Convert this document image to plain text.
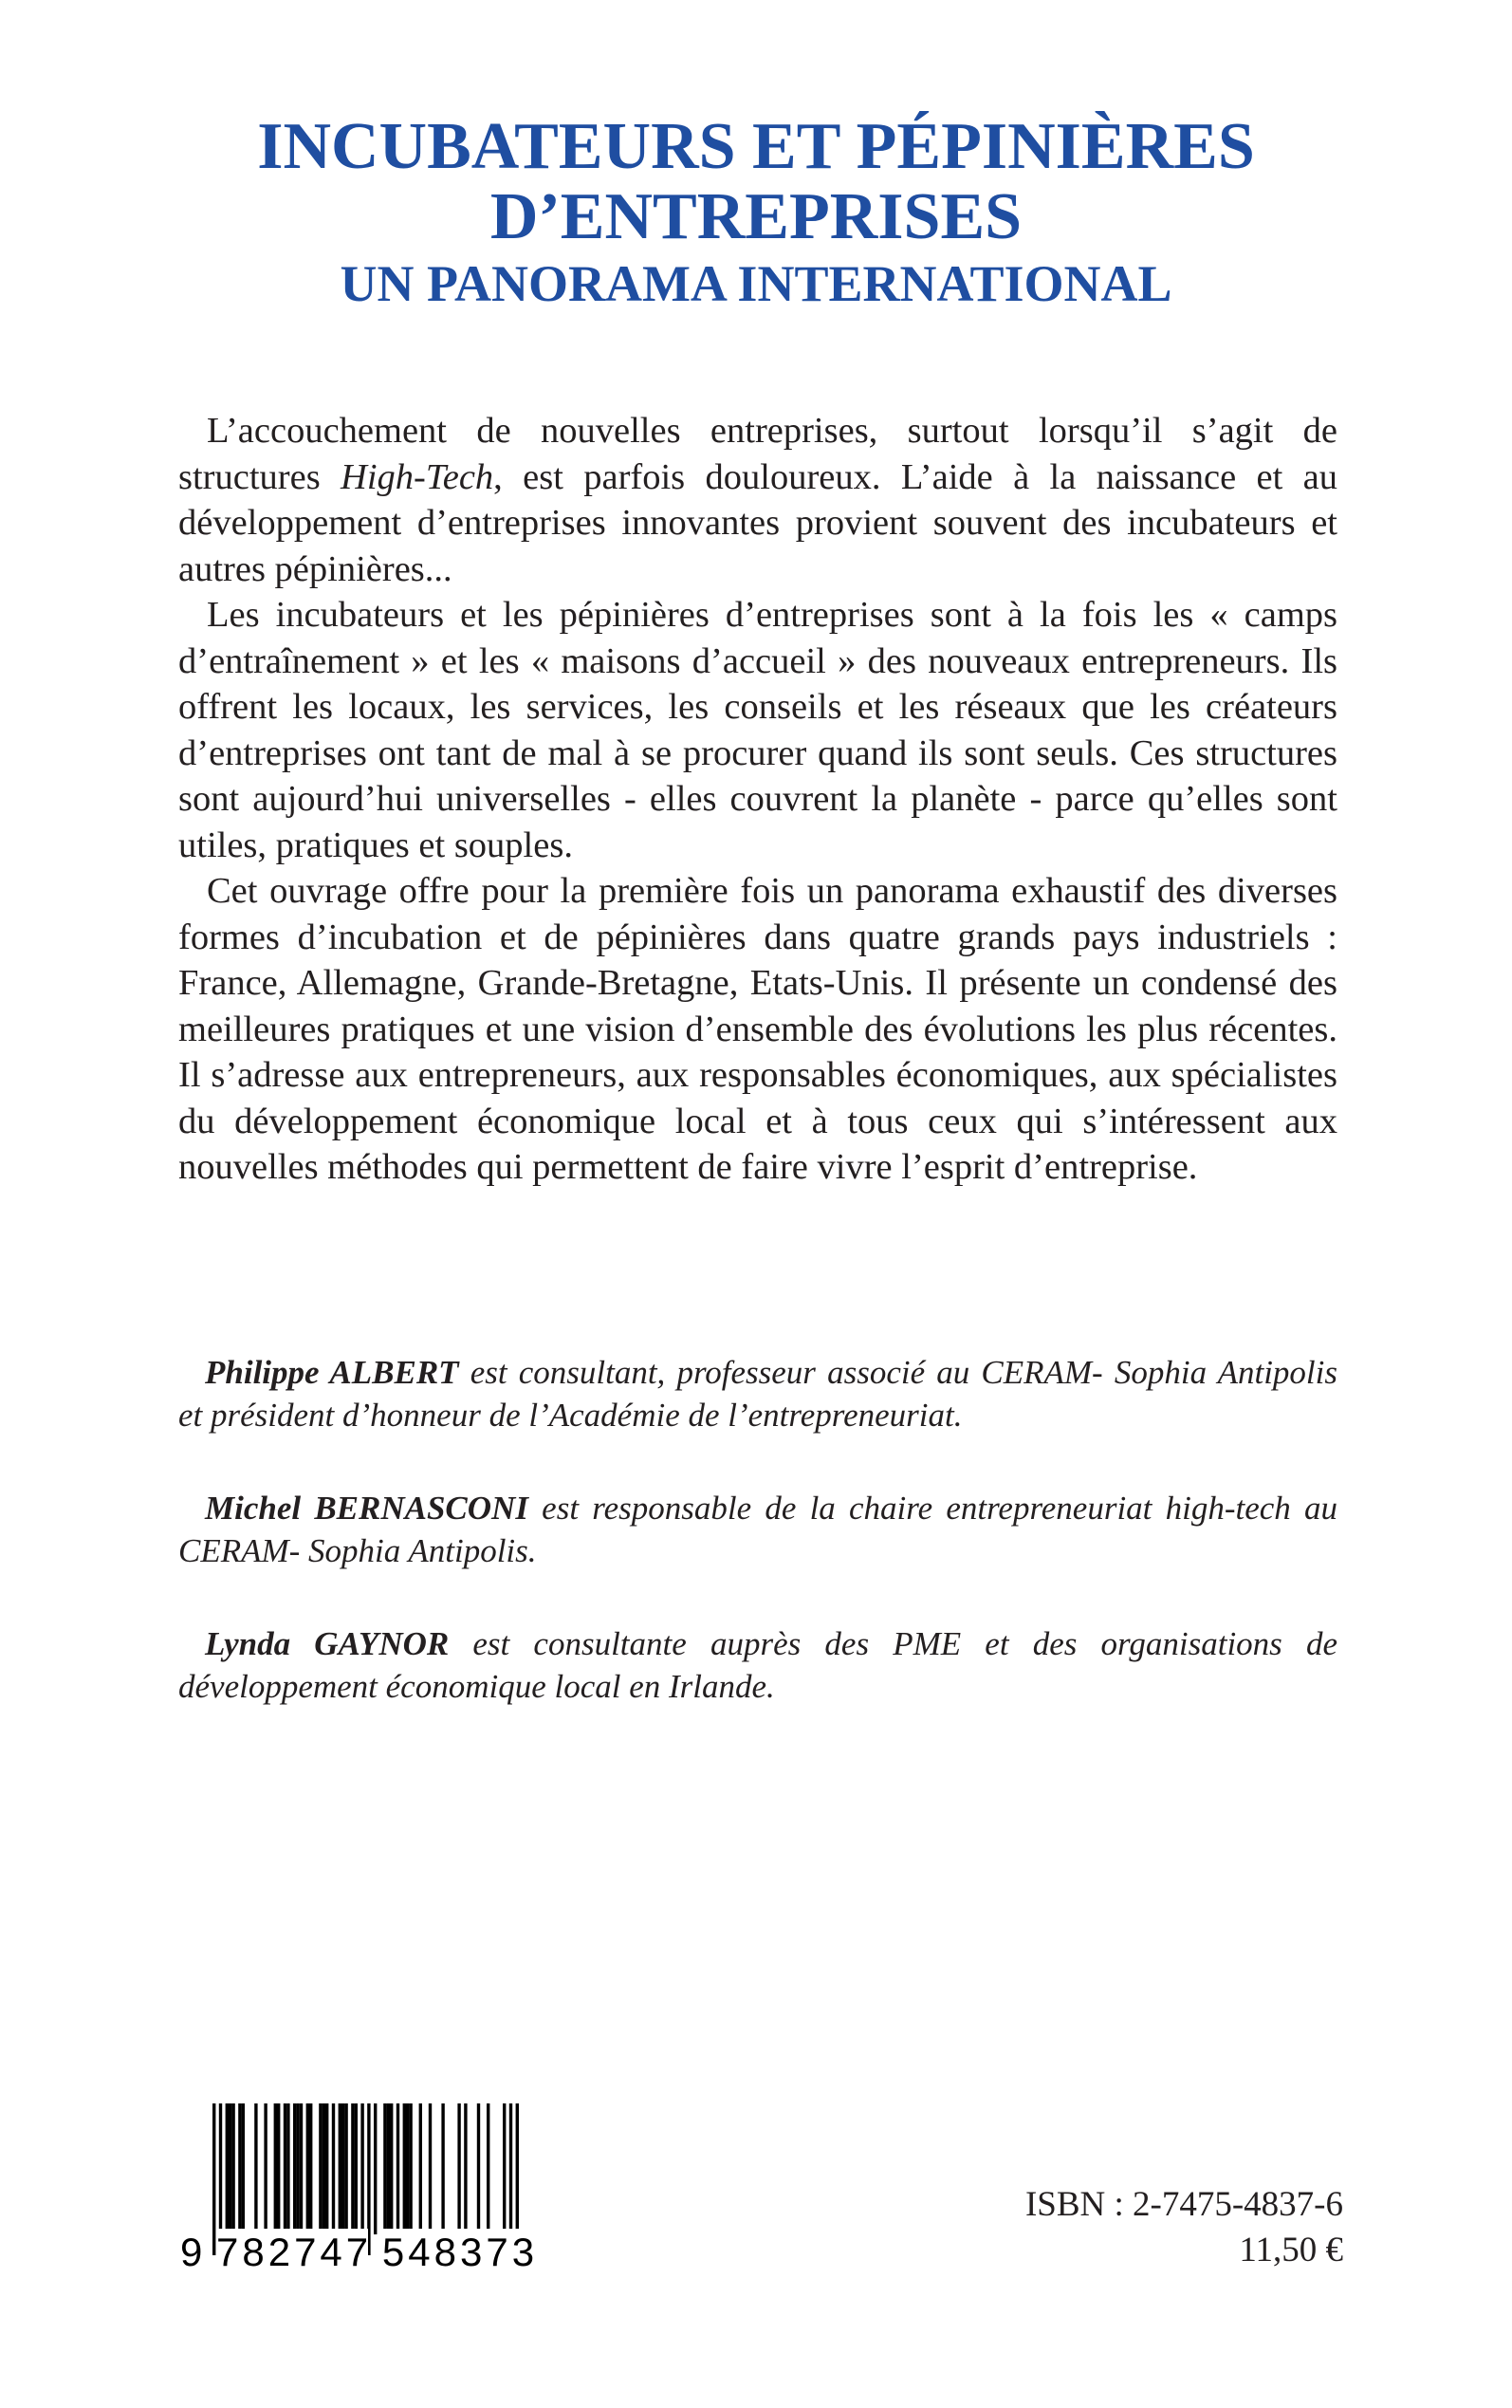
INCUBATEURS ET PÉPINIÈRES
D’ENTREPRISES
UN PANORAMA INTERNATIONAL

L’accouchement de nouvelles entreprises, surtout lorsqu’il s’agit de structures High-Tech, est parfois douloureux. L’aide à la naissance et au développement d’entreprises innovantes provient souvent des incubateurs et autres pépinières...

Les incubateurs et les pépinières d’entreprises sont à la fois les « camps d’entraînement » et les « maisons d’accueil » des nouveaux entrepreneurs. Ils offrent les locaux, les services, les conseils et les réseaux que les créateurs d’entreprises ont tant de mal à se procurer quand ils sont seuls. Ces structures sont aujourd’hui universelles - elles couvrent la planète - parce qu’elles sont utiles, pratiques et souples.

Cet ouvrage offre pour la première fois un panorama exhaustif des diverses formes d’incubation et de pépinières dans quatre grands pays industriels : France, Allemagne, Grande-Bretagne, Etats-Unis. Il présente un condensé des meilleures pratiques et une vision d’ensemble des évolutions les plus récentes. Il s’adresse aux entrepreneurs, aux responsables économiques, aux spécialistes du développement économique local et à tous ceux qui s’intéressent aux nouvelles méthodes qui permettent de faire vivre l’esprit d’entreprise.

Philippe ALBERT est consultant, professeur associé au CERAM- Sophia Antipolis et président d’honneur de l’Académie de l’entrepreneuriat.

Michel BERNASCONI est responsable de la chaire entrepreneuriat high-tech au CERAM- Sophia Antipolis.

Lynda GAYNOR est consultante auprès des PME et des organisations de développement économique local en Irlande.

9 782747 548373
ISBN : 2-7475-4837-6
11,50 €
